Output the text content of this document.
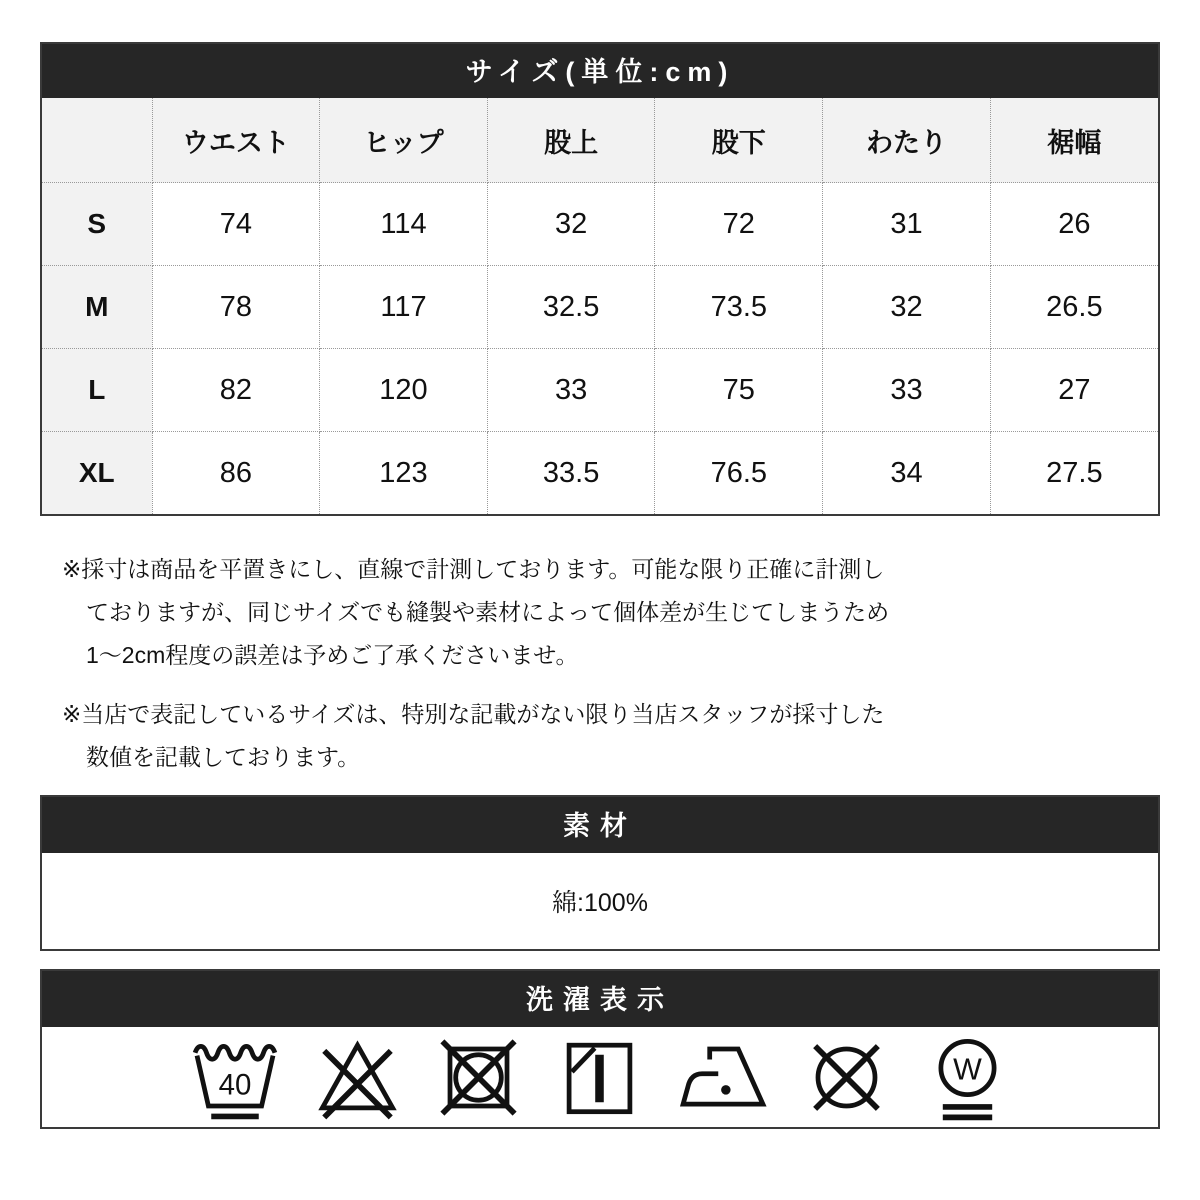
サイズ(単位:cm)
	ウエスト	ヒップ	股上	股下	わたり	裾幅
S	74	114	32	72	31	26
M	78	117	32.5	73.5	32	26.5
L	82	120	33	75	33	27
XL	86	123	33.5	76.5	34	27.5
※採寸は商品を平置きにし、直線で計測しております。可能な限り正確に計測し
ておりますが、同じサイズでも縫製や素材によって個体差が生じてしまうため
1〜2cm程度の誤差は予めご了承くださいませ。
※当店で表記しているサイズは、特別な記載がない限り当店スタッフが採寸した
数値を記載しております。
素材
綿:100%
洗濯表示
40	W
